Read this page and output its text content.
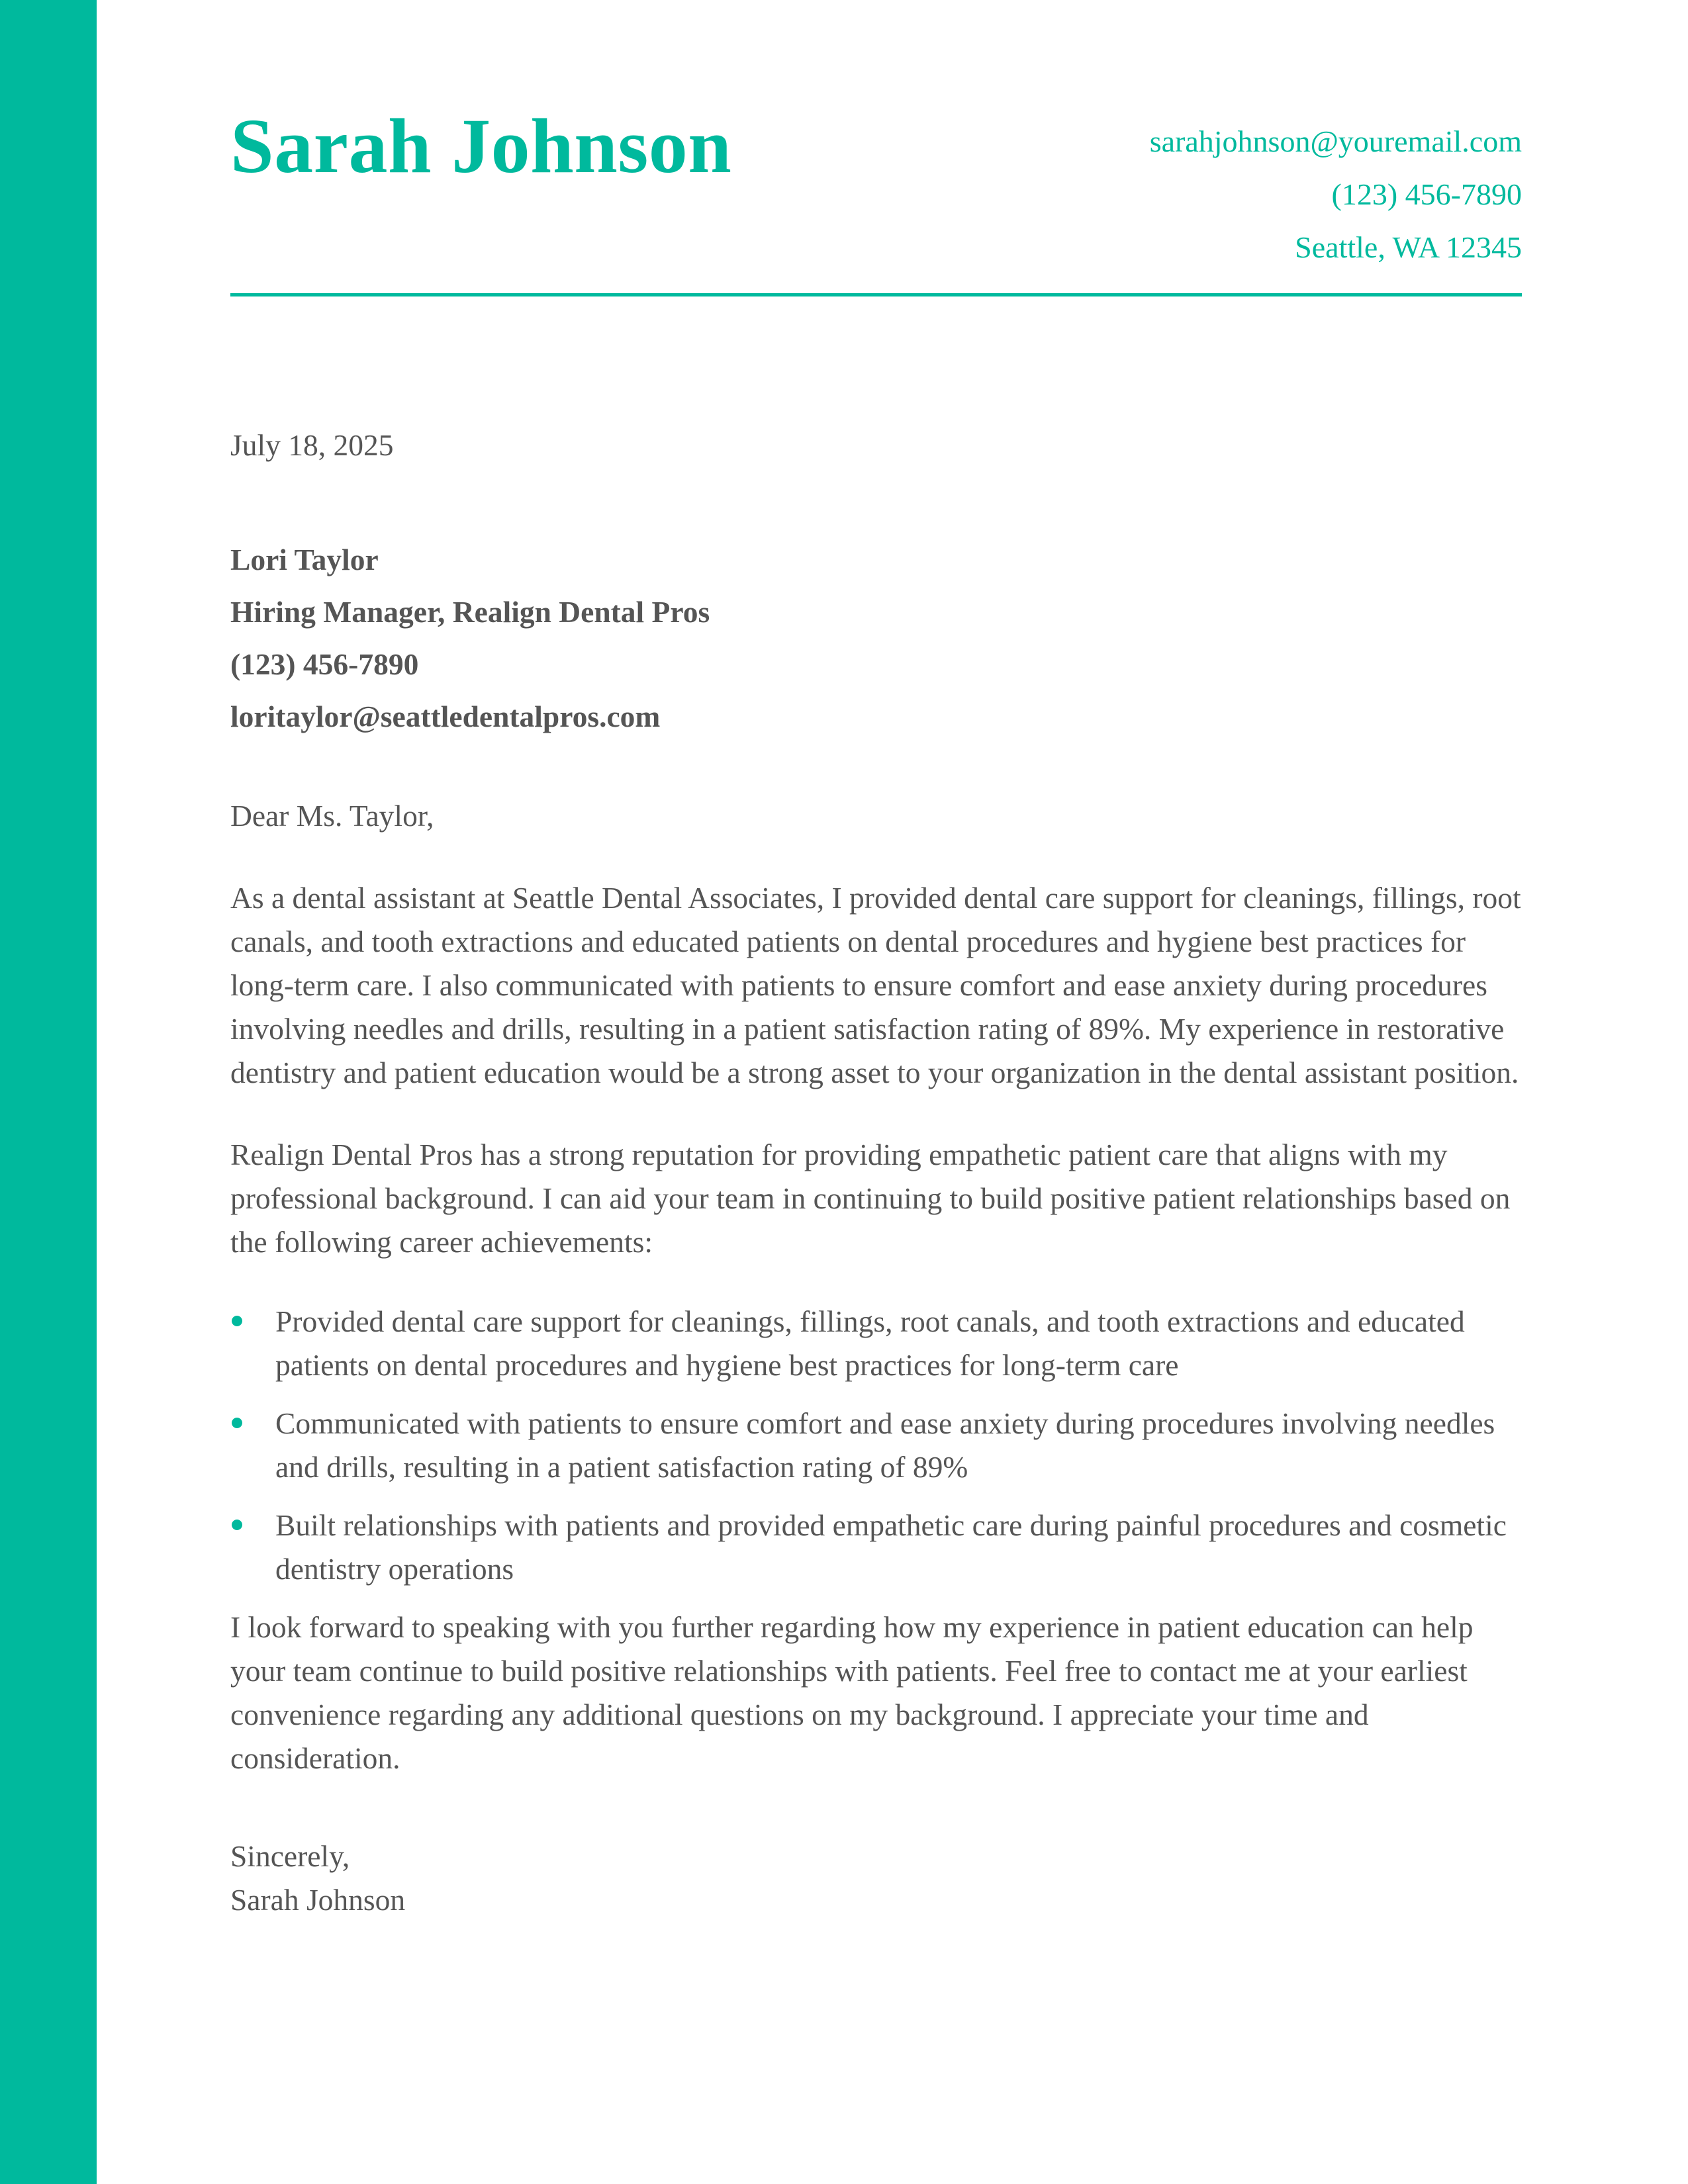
Sarah Johnson	sarahjohnson@youremail.com
(123) 456-7890
Seattle, WA 12345

July 18, 2025

Lori Taylor
Hiring Manager, Realign Dental Pros
(123) 456-7890
loritaylor@seattledentalpros.com

Dear Ms. Taylor,

As a dental assistant at Seattle Dental Associates, I provided dental care support for cleanings, fillings, root canals, and tooth extractions and educated patients on dental procedures and hygiene best practices for long-term care. I also communicated with patients to ensure comfort and ease anxiety during procedures involving needles and drills, resulting in a patient satisfaction rating of 89%. My experience in restorative dentistry and patient education would be a strong asset to your organization in the dental assistant position.

Realign Dental Pros has a strong reputation for providing empathetic patient care that aligns with my professional background. I can aid your team in continuing to build positive patient relationships based on the following career achievements:

Provided dental care support for cleanings, fillings, root canals, and tooth extractions and educated patients on dental procedures and hygiene best practices for long-term care
Communicated with patients to ensure comfort and ease anxiety during procedures involving needles and drills, resulting in a patient satisfaction rating of 89%
Built relationships with patients and provided empathetic care during painful procedures and cosmetic dentistry operations

I look forward to speaking with you further regarding how my experience in patient education can help your team continue to build positive relationships with patients. Feel free to contact me at your earliest convenience regarding any additional questions on my background. I appreciate your time and consideration.

Sincerely,
Sarah Johnson
